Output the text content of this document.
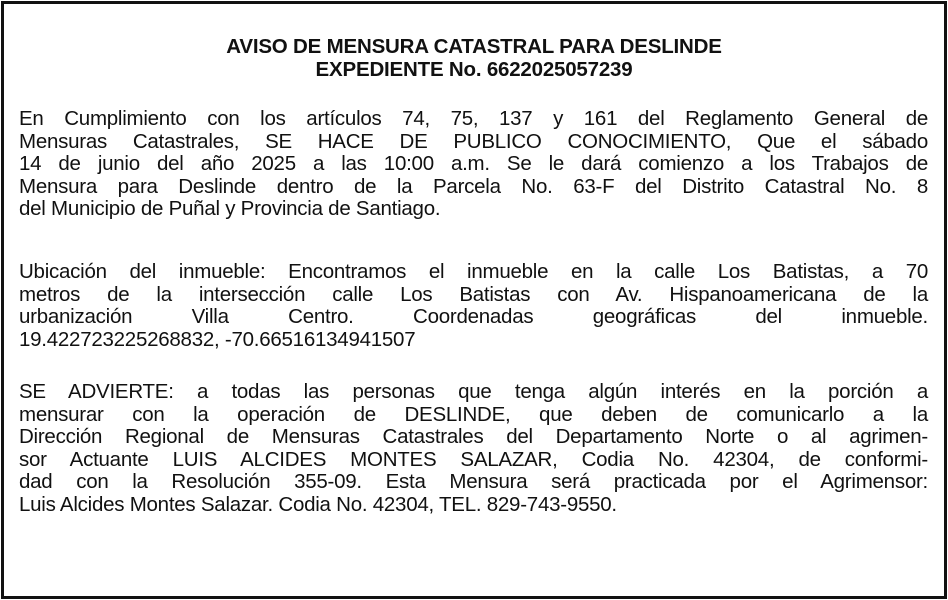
AVISO DE MENSURA CATASTRAL PARA DESLINDE
EXPEDIENTE No. 6622025057239
En Cumplimiento con los artículos 74, 75, 137 y 161 del Reglamento General de
Mensuras Catastrales, SE HACE DE PUBLICO CONOCIMIENTO, Que el sábado
14 de junio del año 2025 a las 10:00 a.m. Se le dará comienzo a los Trabajos de
Mensura para Deslinde dentro de la Parcela No. 63-F del Distrito Catastral No. 8
del Municipio de Puñal y Provincia de Santiago.
Ubicación del inmueble: Encontramos el inmueble en la calle Los Batistas, a 70
metros de la intersección calle Los Batistas con Av. Hispanoamericana de la
urbanización Villa Centro. Coordenadas geográficas del inmueble.
19.422723225268832, -70.66516134941507
SE ADVIERTE: a todas las personas que tenga algún interés en la porción a
mensurar con la operación de DESLINDE, que deben de comunicarlo a la
Dirección Regional de Mensuras Catastrales del Departamento Norte o al agrimen-
sor Actuante LUIS ALCIDES MONTES SALAZAR, Codia No. 42304, de conformi-
dad con la Resolución 355-09. Esta Mensura será practicada por el Agrimensor:
Luis Alcides Montes Salazar. Codia No. 42304, TEL. 829-743-9550.
